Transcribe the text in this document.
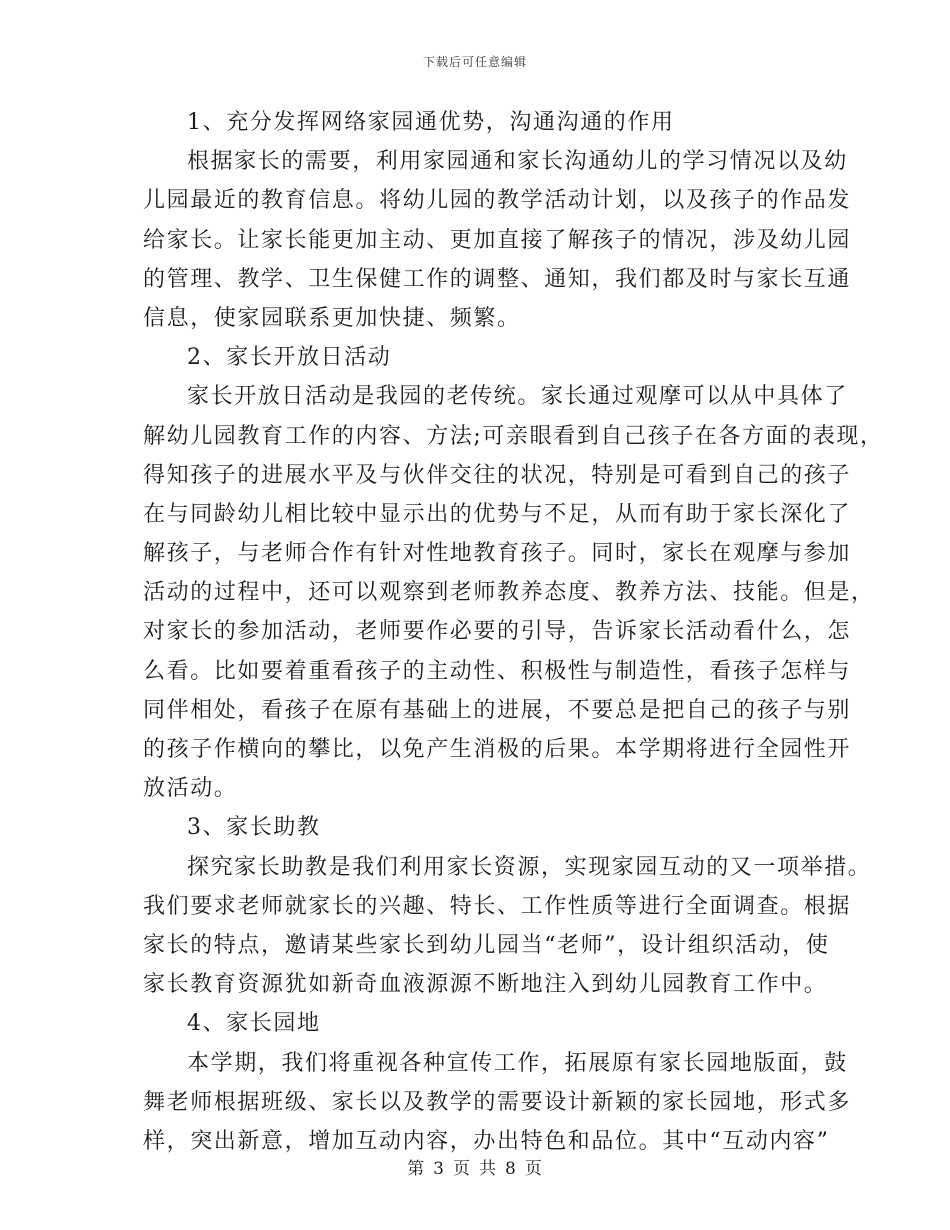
下载后可任意编辑
1、充分发挥网络家园通优势，沟通沟通的作用
根据家长的需要，利用家园通和家长沟通幼儿的学习情况以及幼
儿园最近的教育信息。将幼儿园的教学活动计划，以及孩子的作品发
给家长。让家长能更加主动、更加直接了解孩子的情况，涉及幼儿园
的管理、教学、卫生保健工作的调整、通知，我们都及时与家长互通
信息，使家园联系更加快捷、频繁。
2、家长开放日活动
家长开放日活动是我园的老传统。家长通过观摩可以从中具体了
解幼儿园教育工作的内容、方法;可亲眼看到自己孩子在各方面的表现，
得知孩子的进展水平及与伙伴交往的状况，特别是可看到自己的孩子
在与同龄幼儿相比较中显示出的优势与不足，从而有助于家长深化了
解孩子，与老师合作有针对性地教育孩子。同时，家长在观摩与参加
活动的过程中，还可以观察到老师教养态度、教养方法、技能。但是，
对家长的参加活动，老师要作必要的引导，告诉家长活动看什么，怎
么看。比如要着重看孩子的主动性、积极性与制造性，看孩子怎样与
同伴相处，看孩子在原有基础上的进展，不要总是把自己的孩子与别
的孩子作横向的攀比，以免产生消极的后果。本学期将进行全园性开
放活动。
3、家长助教
探究家长助教是我们利用家长资源，实现家园互动的又一项举措。
我们要求老师就家长的兴趣、特长、工作性质等进行全面调查。根据
家长的特点，邀请某些家长到幼儿园当“老师”，设计组织活动，使
家长教育资源犹如新奇血液源源不断地注入到幼儿园教育工作中。
4、家长园地
本学期，我们将重视各种宣传工作，拓展原有家长园地版面，鼓
舞老师根据班级、家长以及教学的需要设计新颖的家长园地，形式多
样，突出新意，增加互动内容，办出特色和品位。其中“互动内容”
第 3 页 共 8 页
